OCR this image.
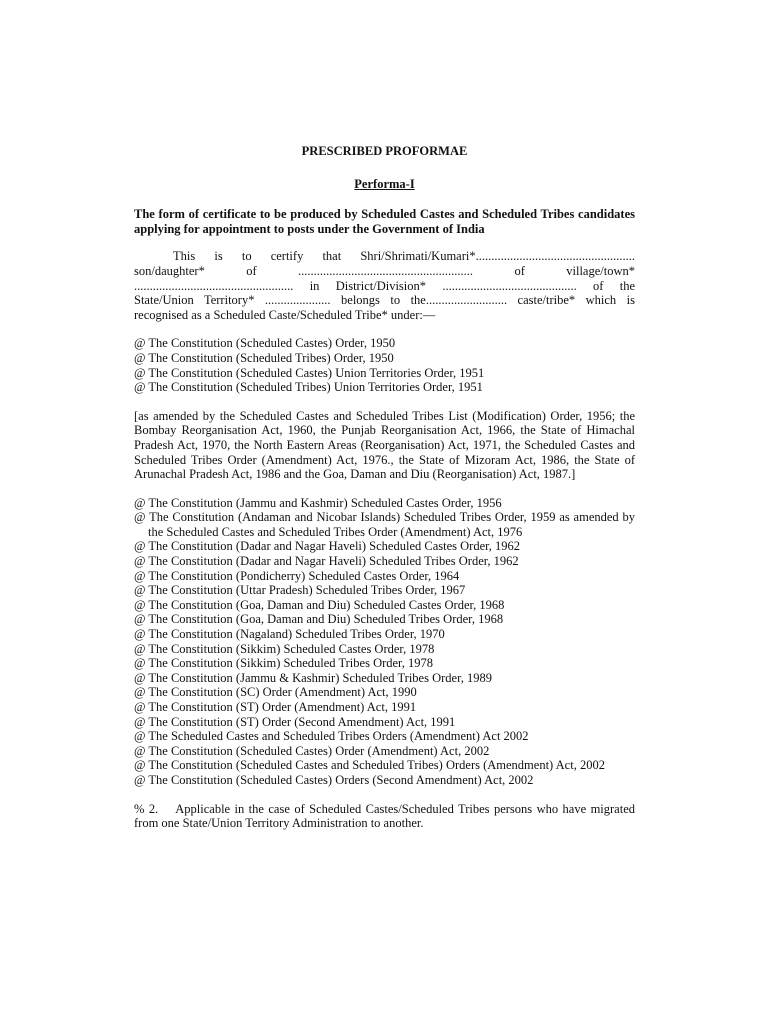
PRESCRIBED PROFORMAE

Performa-I

The form of certificate to be produced by Scheduled Castes and Scheduled Tribes candidates applying for appointment to posts under the Government of India

This is to certify that Shri/Shrimati/Kumari*...................................................

son/daughter* of ........................................................ of village/town*

................................................... in District/Division* ........................................... of the

State/Union Territory* ..................... belongs to the.......................... caste/tribe* which is

recognised as a Scheduled Caste/Scheduled Tribe* under:—

@ The Constitution (Scheduled Castes) Order, 1950
@ The Constitution (Scheduled Tribes) Order, 1950
@ The Constitution (Scheduled Castes) Union Territories Order, 1951
@ The Constitution (Scheduled Tribes) Union Territories Order, 1951

[as amended by the Scheduled Castes and Scheduled Tribes List (Modification) Order, 1956; the Bombay Reorganisation Act, 1960, the Punjab Reorganisation Act, 1966, the State of Himachal Pradesh Act, 1970, the North Eastern Areas (Reorganisation) Act, 1971, the Scheduled Castes and Scheduled Tribes Order (Amendment) Act, 1976., the State of Mizoram Act, 1986, the State of Arunachal Pradesh Act, 1986 and the Goa, Daman and Diu (Reorganisation) Act, 1987.]

@ The Constitution (Jammu and Kashmir) Scheduled Castes Order, 1956
@ The Constitution (Andaman and Nicobar Islands) Scheduled Tribes Order, 1959 as amended by the Scheduled Castes and Scheduled Tribes Order (Amendment) Act, 1976
@ The Constitution (Dadar and Nagar Haveli) Scheduled Castes Order, 1962
@ The Constitution (Dadar and Nagar Haveli) Scheduled Tribes Order, 1962
@ The Constitution (Pondicherry) Scheduled Castes Order, 1964
@ The Constitution (Uttar Pradesh) Scheduled Tribes Order, 1967
@ The Constitution (Goa, Daman and Diu) Scheduled Castes Order, 1968
@ The Constitution (Goa, Daman and Diu) Scheduled Tribes Order, 1968
@ The Constitution (Nagaland) Scheduled Tribes Order, 1970
@ The Constitution (Sikkim) Scheduled Castes Order, 1978
@ The Constitution (Sikkim) Scheduled Tribes Order, 1978
@ The Constitution (Jammu & Kashmir) Scheduled Tribes Order, 1989
@ The Constitution (SC) Order (Amendment) Act, 1990
@ The Constitution (ST) Order (Amendment) Act, 1991
@ The Constitution (ST) Order (Second Amendment) Act, 1991
@ The Scheduled Castes and Scheduled Tribes Orders (Amendment) Act 2002
@ The Constitution (Scheduled Castes) Order (Amendment) Act, 2002
@ The Constitution (Scheduled Castes and Scheduled Tribes) Orders (Amendment) Act, 2002
@ The Constitution (Scheduled Castes) Orders (Second Amendment) Act, 2002

% 2.    Applicable in the case of Scheduled Castes/Scheduled Tribes persons who have migrated from one State/Union Territory Administration to another.
